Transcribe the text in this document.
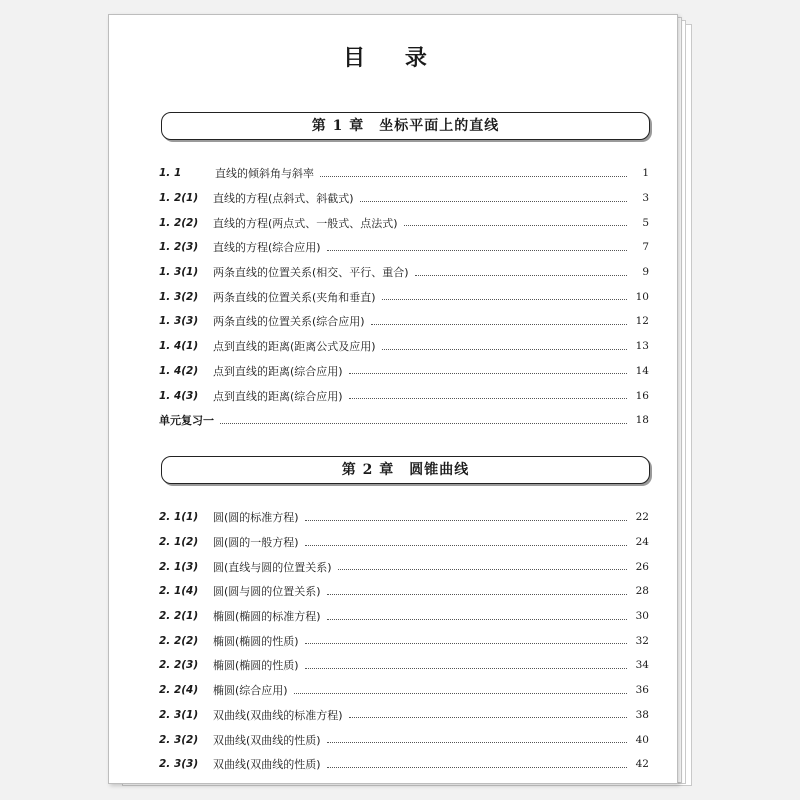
目 录
第 1 章　坐标平面上的直线
1. 1	直线的倾斜角与斜率	1
1. 2(1)	直线的方程(点斜式、斜截式)	3
1. 2(2)	直线的方程(两点式、一般式、点法式)	5
1. 2(3)	直线的方程(综合应用)	7
1. 3(1)	两条直线的位置关系(相交、平行、重合)	9
1. 3(2)	两条直线的位置关系(夹角和垂直)	10
1. 3(3)	两条直线的位置关系(综合应用)	12
1. 4(1)	点到直线的距离(距离公式及应用)	13
1. 4(2)	点到直线的距离(综合应用)	14
1. 4(3)	点到直线的距离(综合应用)	16
单元复习一	18
第 2 章　圆锥曲线
2. 1(1)	圆(圆的标准方程)	22
2. 1(2)	圆(圆的一般方程)	24
2. 1(3)	圆(直线与圆的位置关系)	26
2. 1(4)	圆(圆与圆的位置关系)	28
2. 2(1)	椭圆(椭圆的标准方程)	30
2. 2(2)	椭圆(椭圆的性质)	32
2. 2(3)	椭圆(椭圆的性质)	34
2. 2(4)	椭圆(综合应用)	36
2. 3(1)	双曲线(双曲线的标准方程)	38
2. 3(2)	双曲线(双曲线的性质)	40
2. 3(3)	双曲线(双曲线的性质)	42
